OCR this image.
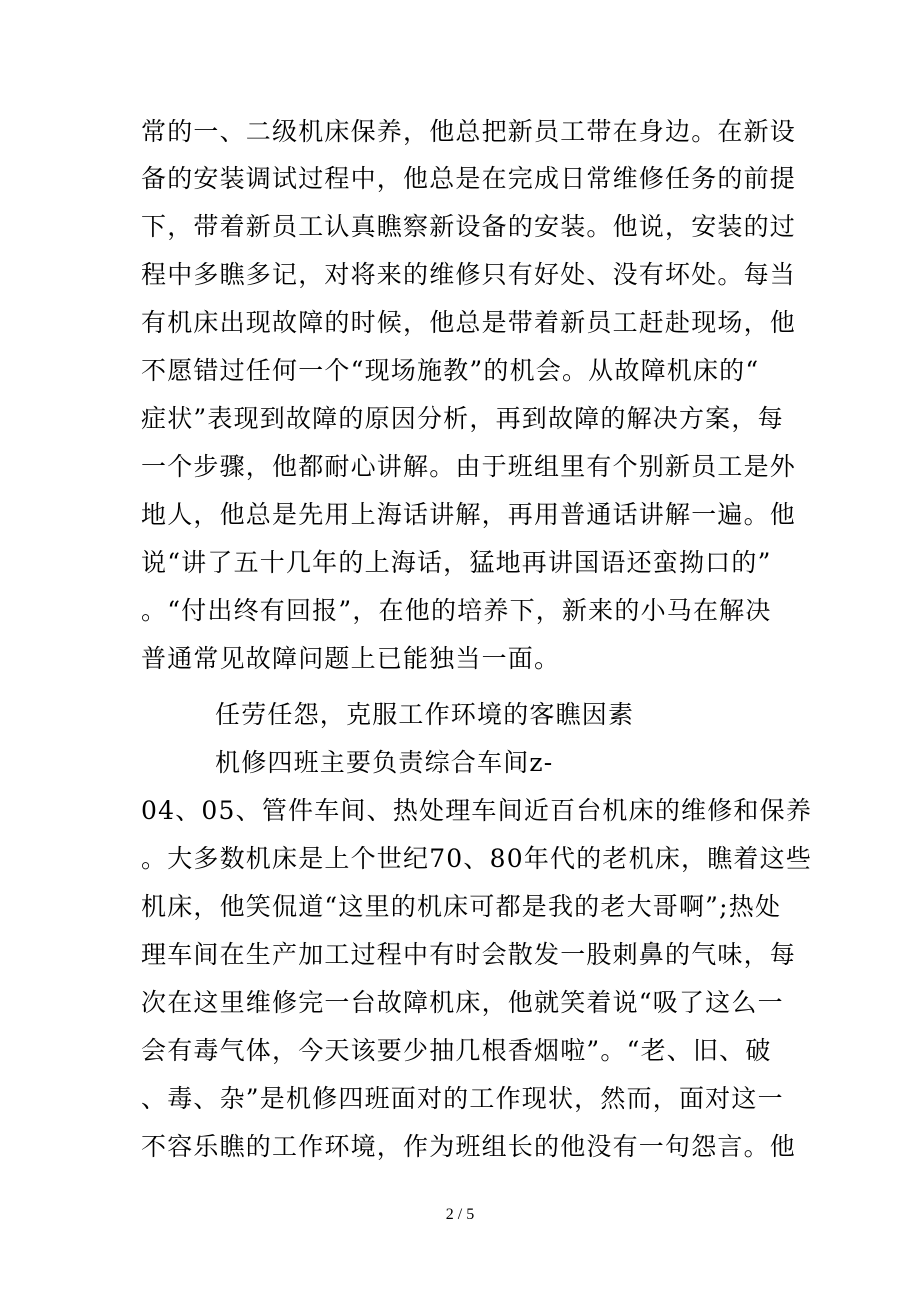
常的一、二级机床保养，他总把新员工带在身边。在新设
备的安装调试过程中，他总是在完成日常维修任务的前提
下，带着新员工认真瞧察新设备的安装。他说，安装的过
程中多瞧多记，对将来的维修只有好处、没有坏处。每当
有机床出现故障的时候，他总是带着新员工赶赴现场，他
不愿错过任何一个“现场施教”的机会。从故障机床的“
症状”表现到故障的原因分析，再到故障的解决方案，每
一个步骤，他都耐心讲解。由于班组里有个别新员工是外
地人，他总是先用上海话讲解，再用普通话讲解一遍。他
说“讲了五十几年的上海话，猛地再讲国语还蛮拗口的”
。“付出终有回报”，在他的培养下，新来的小马在解决
普通常见故障问题上已能独当一面。
任劳任怨，克服工作环境的客瞧因素
机修四班主要负责综合车间z-
04、05、管件车间、热处理车间近百台机床的维修和保养
。大多数机床是上个世纪70、80年代的老机床，瞧着这些
机床，他笑侃道“这里的机床可都是我的老大哥啊”;热处
理车间在生产加工过程中有时会散发一股刺鼻的气味，每
次在这里维修完一台故障机床，他就笑着说“吸了这么一
会有毒气体，今天该要少抽几根香烟啦”。“老、旧、破
、毒、杂”是机修四班面对的工作现状，然而，面对这一
不容乐瞧的工作环境，作为班组长的他没有一句怨言。他
2 / 5
